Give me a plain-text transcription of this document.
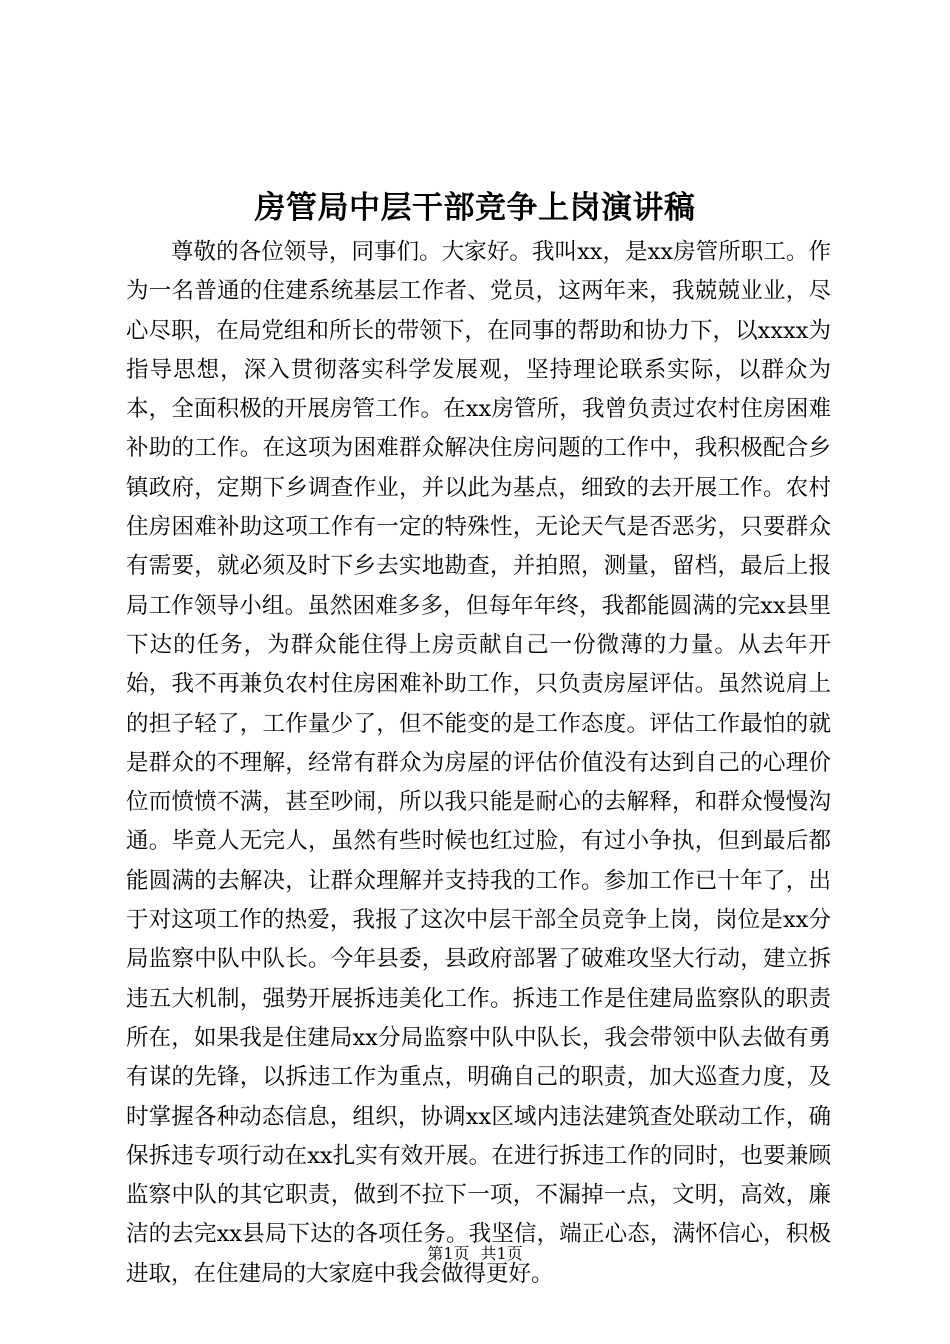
房管局中层干部竞争上岗演讲稿

尊敬的各位领导，同事们。大家好。我叫xx，是xx房管所职工。作为一名普通的住建系统基层工作者、党员，这两年来，我兢兢业业，尽心尽职，在局党组和所长的带领下，在同事的帮助和协力下，以xxxx为指导思想，深入贯彻落实科学发展观，坚持理论联系实际，以群众为本，全面积极的开展房管工作。在xx房管所，我曾负责过农村住房困难补助的工作。在这项为困难群众解决住房问题的工作中，我积极配合乡镇政府，定期下乡调查作业，并以此为基点，细致的去开展工作。农村住房困难补助这项工作有一定的特殊性，无论天气是否恶劣，只要群众有需要，就必须及时下乡去实地勘查，并拍照，测量，留档，最后上报局工作领导小组。虽然困难多多，但每年年终，我都能圆满的完xx县里下达的任务，为群众能住得上房贡献自己一份微薄的力量。从去年开始，我不再兼负农村住房困难补助工作，只负责房屋评估。虽然说肩上的担子轻了，工作量少了，但不能变的是工作态度。评估工作最怕的就是群众的不理解，经常有群众为房屋的评估价值没有达到自己的心理价位而愤愤不满，甚至吵闹，所以我只能是耐心的去解释，和群众慢慢沟通。毕竟人无完人，虽然有些时候也红过脸，有过小争执，但到最后都能圆满的去解决，让群众理解并支持我的工作。参加工作已十年了，出于对这项工作的热爱，我报了这次中层干部全员竞争上岗，岗位是xx分局监察中队中队长。今年县委，县政府部署了破难攻坚大行动，建立拆违五大机制，强势开展拆违美化工作。拆违工作是住建局监察队的职责所在，如果我是住建局xx分局监察中队中队长，我会带领中队去做有勇有谋的先锋，以拆违工作为重点，明确自己的职责，加大巡查力度，及时掌握各种动态信息，组织，协调xx区域内违法建筑查处联动工作，确保拆违专项行动在xx扎实有效开展。在进行拆违工作的同时，也要兼顾监察中队的其它职责，做到不拉下一项，不漏掉一点，文明，高效，廉洁的去完xx县局下达的各项任务。我坚信，端正心态，满怀信心，积极进取，在住建局的大家庭中我会做得更好。

第1页 共1页
